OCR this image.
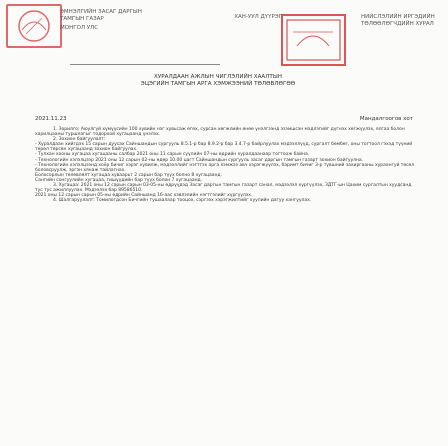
ЭМНЭЛГИЙН ЗАСАГ ДАРГЫН ТАМГЫН ГАЗАР
МОНГОЛ УЛС
ХАН-УУЛ ДҮҮРЭГ	НИЙСЛЭЛИЙН ИРГЭДИЙН ТӨЛӨӨЛӨГЧДИЙН ХУРАЛ
ХУРАЛДААН АЖЛЫН ЧИГЛЭЛИЙН ХААЛТЫН
ЭЦЭГИЙН ТАМГЫН АРГА ХЭМЖЭЭНИЙ ТӨЛӨВЛӨГӨӨ
2021.11.23	Мандалгоогов хот

1. Зорилго: Аюулгүй хүмүүсийн 100 хувийн нэг хувьсаж өгөх, сурсан хөгжлийн өнөө үнэлгээнд эзэмшсэн мэдлэгийг дүгнэх хөгжүүлэх, ялгаа болон харилцааны туршлагыг тодорхой хугацаанд үнэлэх.

2. Зохион байгуулалт:

- Хуралдаан хийгдэх 15 сарын дуусах Сайншандын сургууль 8.5.1-р бар 8.9.2-р бар 3.4.7-р байрлуулах мэдээллүүд, сургалт бөмбөг, оны тогтоол гэхэд түүний төрөл төрсөн хугацаанд зохион байгуулах.

- Тулхан хооны хугацаа хугацааны салбар 2021 оны 11 сарын сүүлийн 07-ны өдрийн хуралдаанаар тогтоож байна.

- Технологийн хэлэлцээр 2021 оны 12 сарын 02-ны өдөр 10.00 цагт Сайншандын сургууль засаг даргын тамгын газарт зохион байгуулна.

- Технологийн хэлэлцээнд хоёр бичиг хэрэг хувилж, мэдээллийг нэгтгэх арга хэмжээ авч хэрэгжүүлэх, баримт бичиг 3-р түвшний захиргааны хураангуй төсөл боловсруулж, эргэн хянаж тайлагнах.

Болосорлын төлөвлөлт хугацаа хуваарьт 2 сарын бар түүх болно 8 хугацаанд.

Сангийн сонгуулийн хугацаа, гишүүдийн бар түүх болон 7 хугацаанд.

3. Хугацаа: 2021 оны 12 сарын сарын 03-05-ны өдрүүдэд Засаг даргын тамгын газарт санал, мэдээлэл хүргүүлэх, ЗДТГ-ын Цахим сургалтын хуудсанд тус тус ажиллуулах. Мэдээлэх бар 89586510.

2021 оны 12 сарын сарын 05-ны өдрийн Сайншанд 16-аас хэвлэлийн нэгтгэлийг хүргүүлэх.

4. Шалгаруулалт: Томилогдсон Бичгийн тушаалаар тооцох, сэргээх хэрэгжилтийг хуулийн дагуу хангуулах.
